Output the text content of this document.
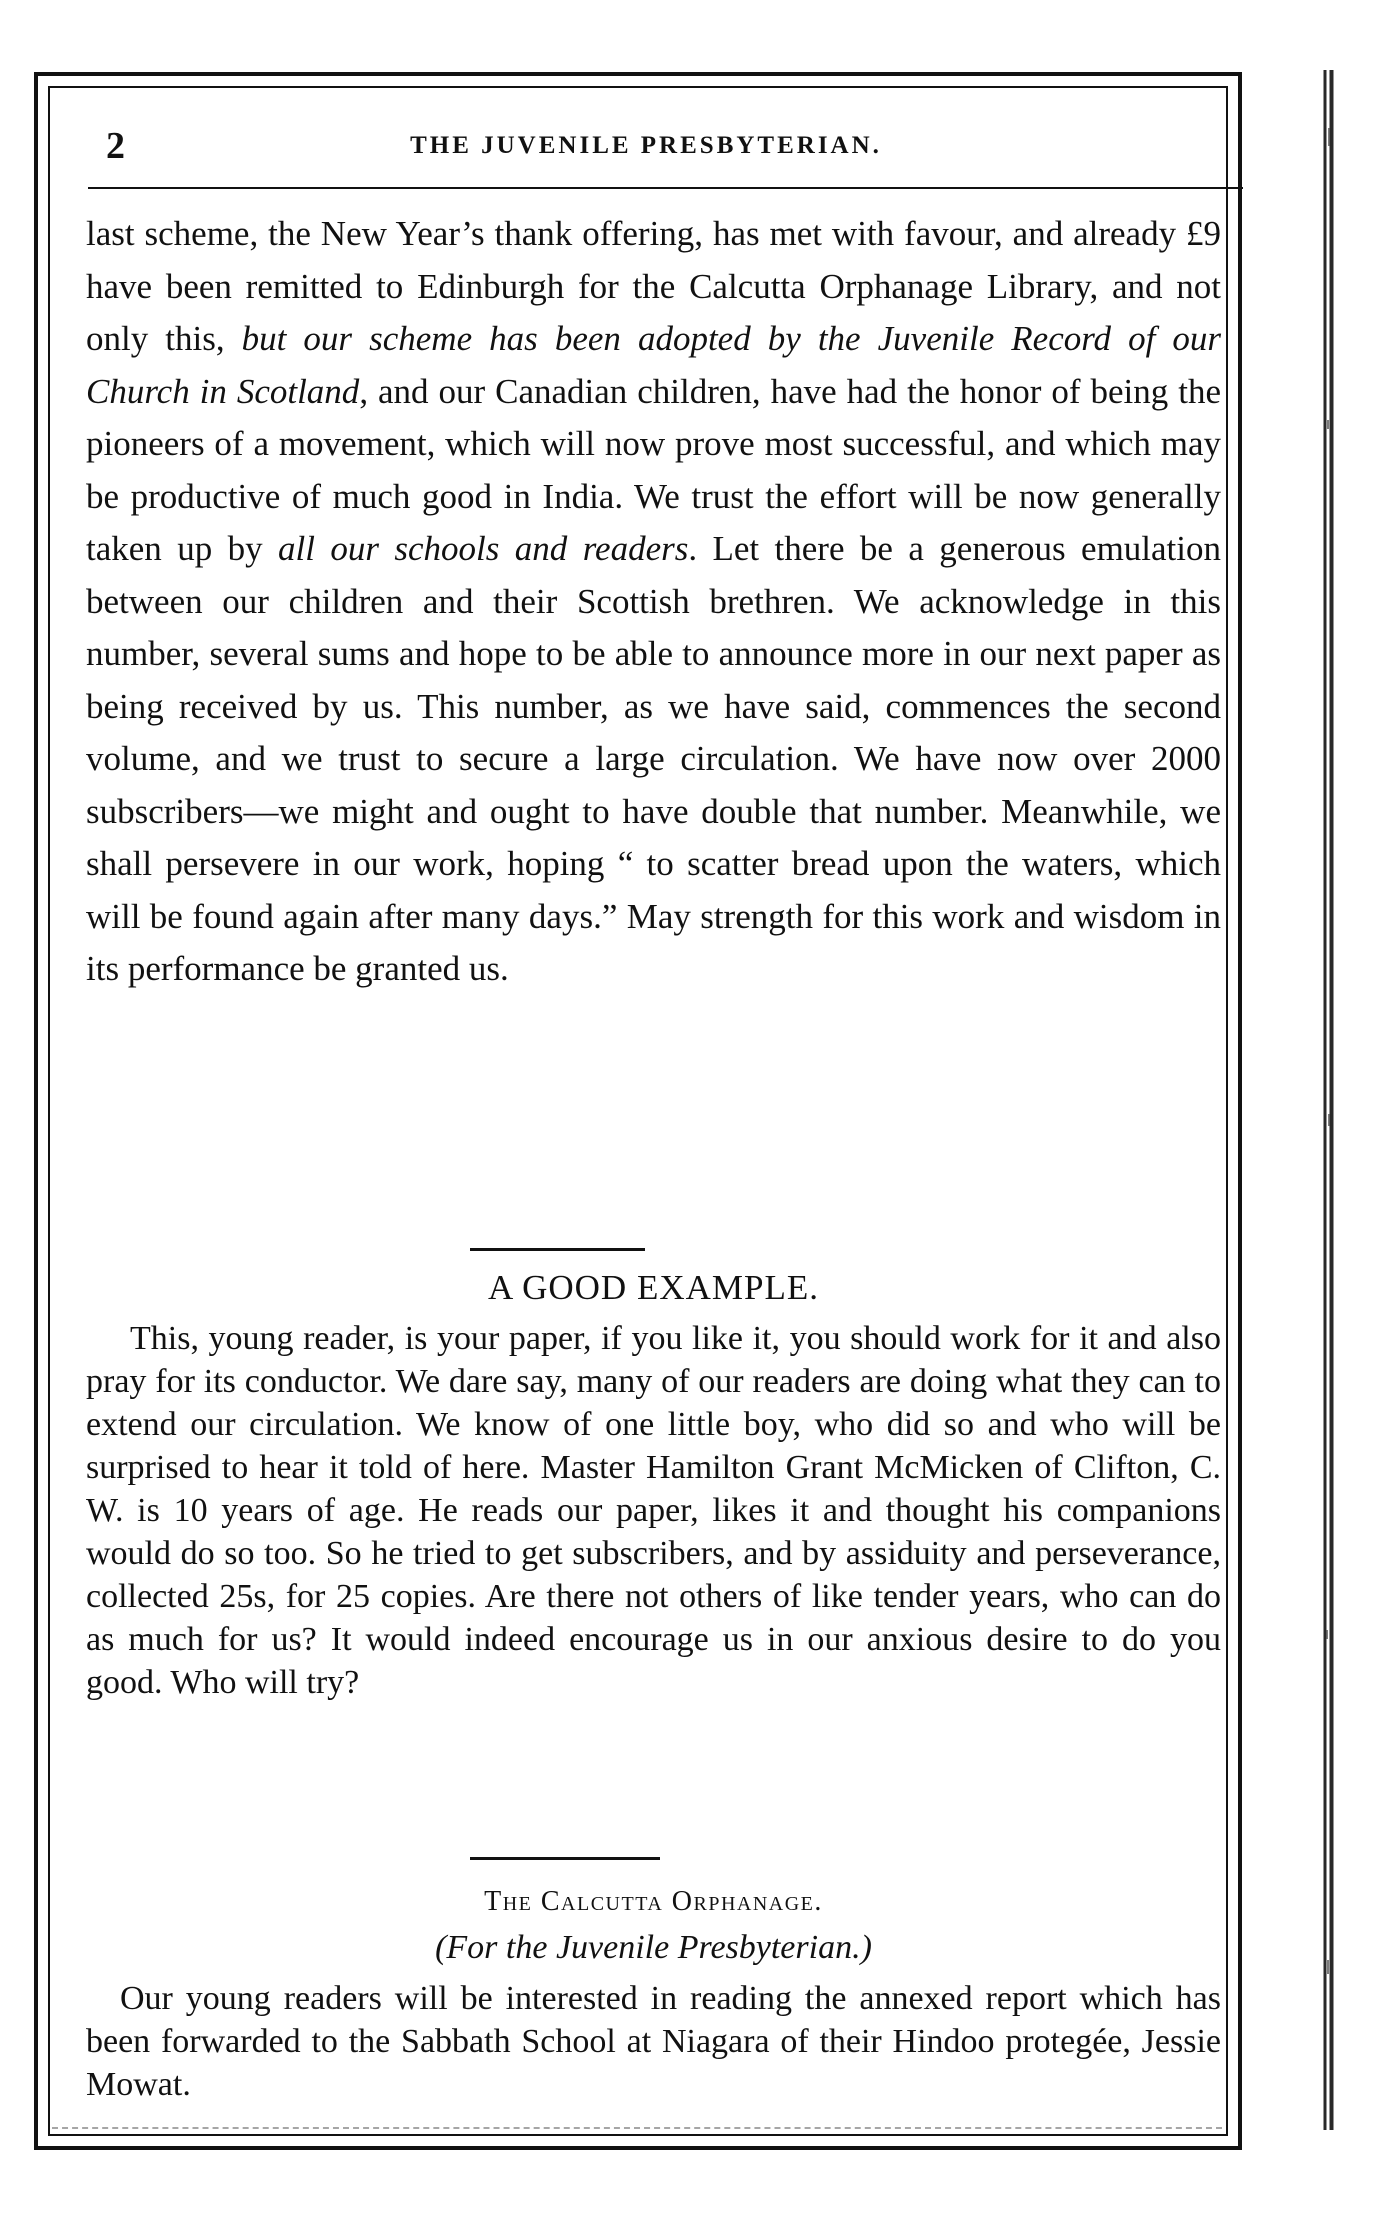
2	THE JUVENILE PRESBYTERIAN.
last scheme, the New Year’s thank offering, has met with favour, and already £9 have been remitted to Edinburgh for the Calcutta Orphanage Library, and not only this, but our scheme has been adopted by the Juvenile Record of our Church in Scotland, and our Canadian children, have had the honor of being the pioneers of a movement, which will now prove most successful, and which may be productive of much good in India. We trust the effort will be now generally taken up by all our schools and readers. Let there be a generous emulation between our children and their Scottish brethren. We acknowledge in this number, several sums and hope to be able to announce more in our next paper as being received by us. This number, as we have said, commences the second volume, and we trust to secure a large circulation. We have now over 2000 subscribers—we might and ought to have double that number. Meanwhile, we shall persevere in our work, hoping “ to scatter bread upon the waters, which will be found again after many days.” May strength for this work and wisdom in its performance be granted us.
A GOOD EXAMPLE.
This, young reader, is your paper, if you like it, you should work for it and also pray for its conductor. We dare say, many of our readers are doing what they can to extend our circulation. We know of one little boy, who did so and who will be surprised to hear it told of here. Master Hamilton Grant McMicken of Clifton, C. W. is 10 years of age. He reads our paper, likes it and thought his companions would do so too. So he tried to get subscribers, and by assiduity and perseverance, collected 25s, for 25 copies. Are there not others of like tender years, who can do as much for us? It would indeed encourage us in our anxious desire to do you good. Who will try?
The Calcutta Orphanage.
(For the Juvenile Presbyterian.)
Our young readers will be interested in reading the annexed report which has been forwarded to the Sabbath School at Niagara of their Hindoo protegée, Jessie Mowat.
